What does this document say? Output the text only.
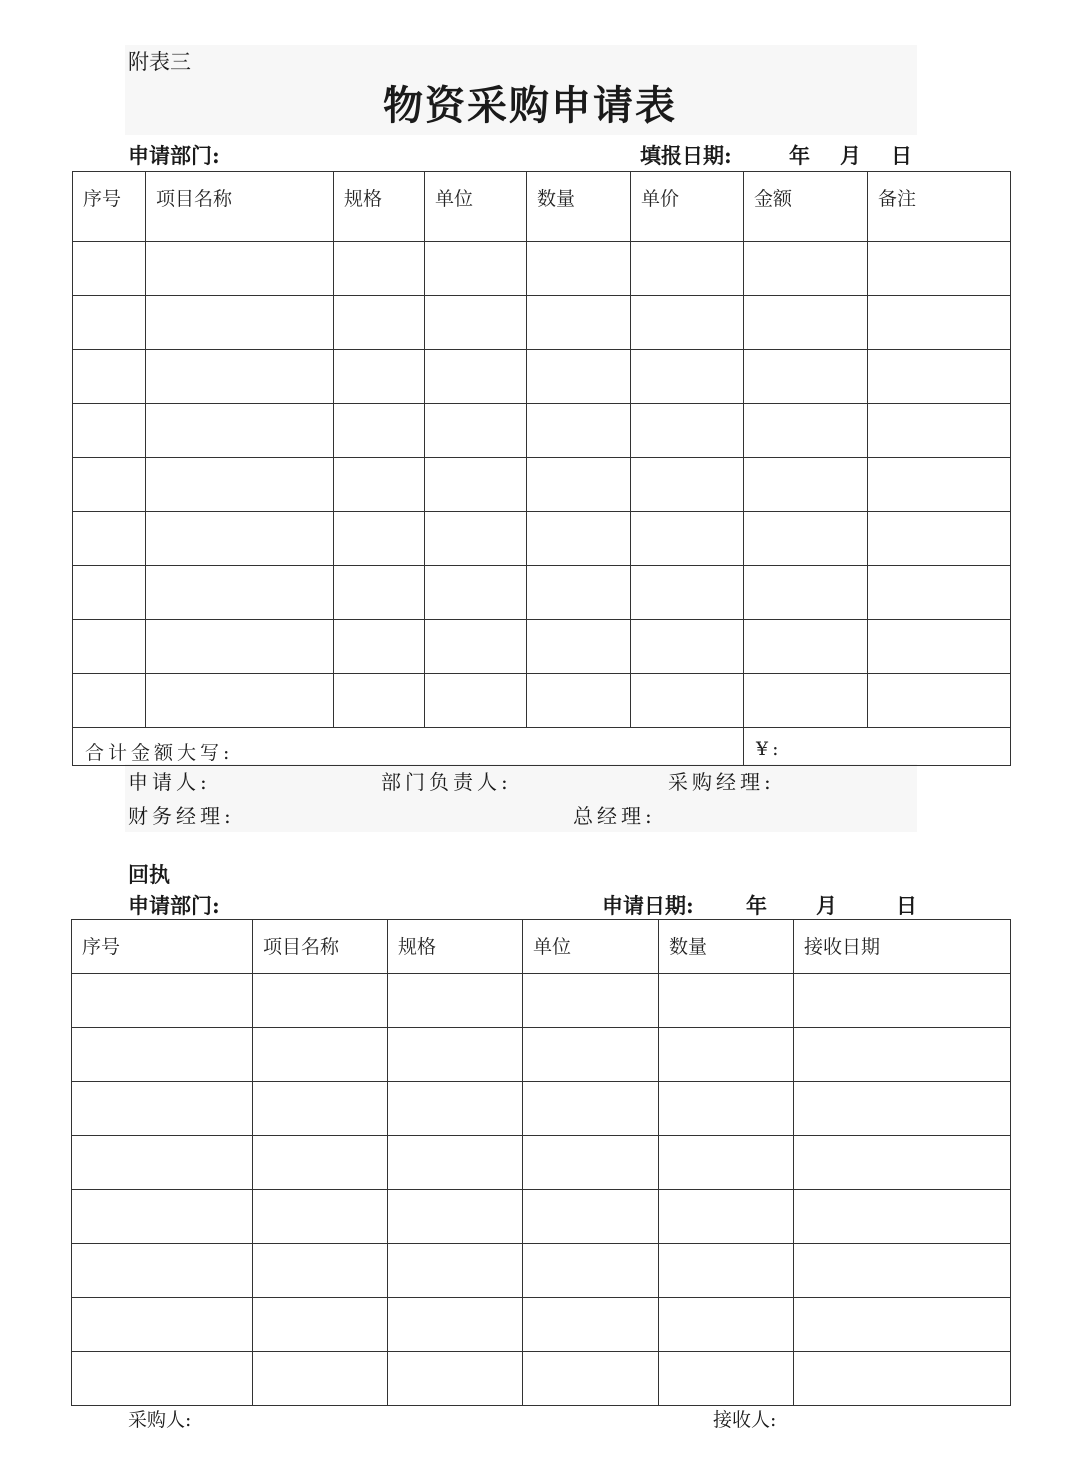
附表三
物资采购申请表
申请部门:	填报日期:	年 月 日
序号	项目名称	规格	单位	数量	单价	金额	备注

合计金额大写:						¥:	
申请人:	部门负责人:	采购经理:
财务经理:	总经理:
回执
申请部门:	申请日期: 年 月	日
序号	项目名称	规格	单位	数量	接收日期

采购人:	接收人:
